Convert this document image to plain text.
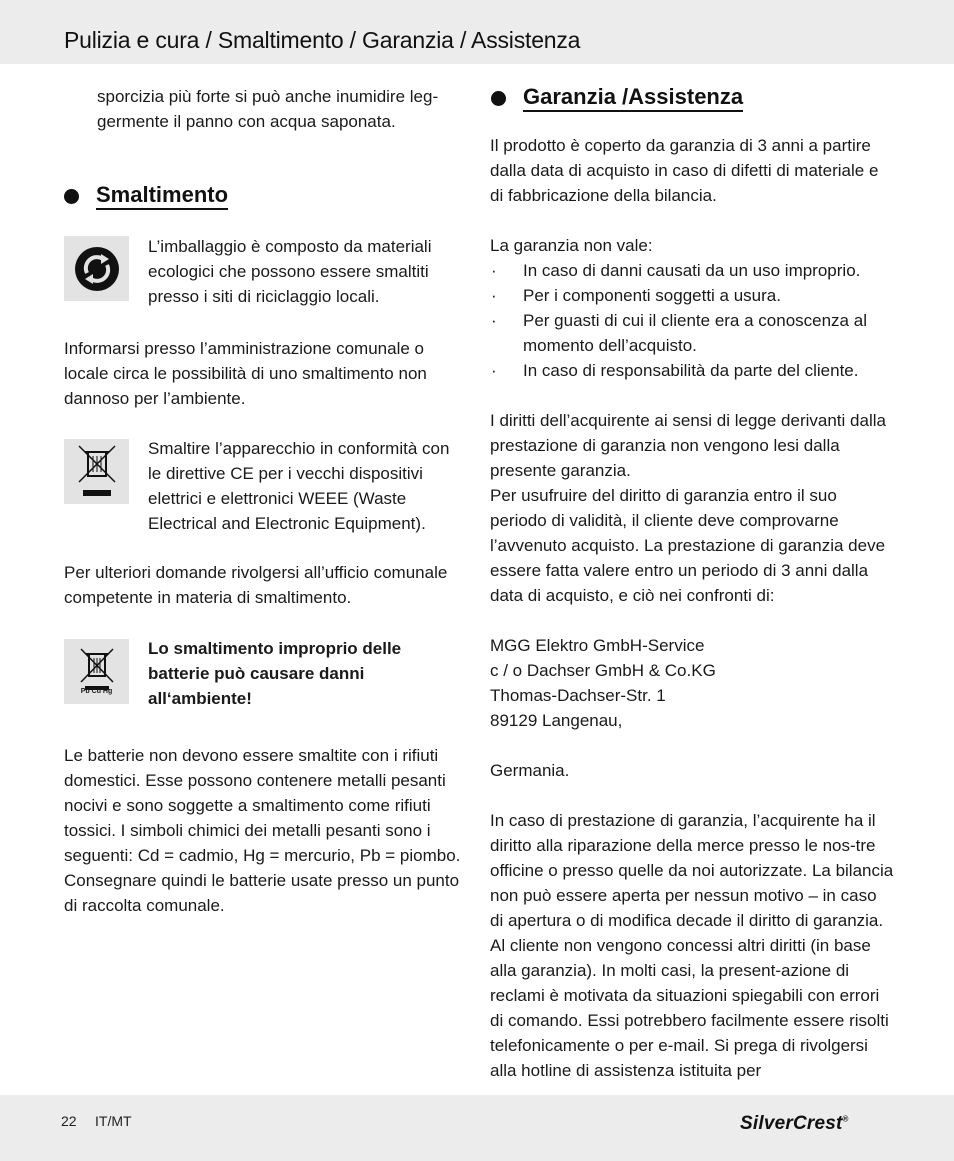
Pulizia e cura / Smaltimento / Garanzia / Assistenza

sporcizia più forte si può anche inumidire leg-germente il panno con acqua saponata.

Smaltimento

L’imballaggio è composto da materiali ecologici che possono essere smaltiti presso i siti di riciclaggio locali.

Informarsi presso l’amministrazione comunale o locale circa le possibilità di uno smaltimento non dannoso per l’ambiente.

Smaltire l’apparecchio in conformità con le direttive CE per i vecchi dispositivi elettrici e elettronici WEEE (Waste Electrical and Electronic Equipment).

Per ulteriori domande rivolgersi all’ufficio comunale competente in materia di smaltimento.

Pb Cd Hg

Lo smaltimento improprio delle batterie può causare danni all‘ambiente!

Le batterie non devono essere smaltite con i rifiuti domestici. Esse possono contenere metalli pesanti nocivi e sono soggette a smaltimento come rifiuti tossici. I simboli chimici dei metalli pesanti sono i seguenti: Cd = cadmio, Hg = mercurio, Pb = piombo. Consegnare quindi le batterie usate presso un punto di raccolta comunale.

Garanzia /Assistenza

Il prodotto è coperto da garanzia di 3 anni a partire dalla data di acquisto in caso di difetti di materiale e di fabbricazione della bilancia.

La garanzia non vale:

·	In caso di danni causati da un uso improprio.
·	Per i componenti soggetti a usura.
·	Per guasti di cui il cliente era a conoscenza al momento dell’acquisto.
·	In caso di responsabilità da parte del cliente.

I diritti dell’acquirente ai sensi di legge derivanti dalla prestazione di garanzia non vengono lesi dalla presente garanzia.

Per usufruire del diritto di garanzia entro il suo periodo di validità, il cliente deve comprovarne l’avvenuto acquisto. La prestazione di garanzia deve essere fatta valere entro un periodo di 3 anni dalla data di acquisto, e ciò nei confronti di:

MGG Elektro GmbH-Service

c / o Dachser GmbH & Co.KG

Thomas-Dachser-Str. 1

89129 Langenau,

Germania.

In caso di prestazione di garanzia, l’acquirente ha il diritto alla riparazione della merce presso le nos-tre officine o presso quelle da noi autorizzate. La bilancia non può essere aperta per nessun motivo – in caso di apertura o di modifica decade il diritto di garanzia. Al cliente non vengono concessi altri diritti (in base alla garanzia). In molti casi, la present-azione di reclami è motivata da situazioni spiegabili con errori di comando. Essi potrebbero facilmente essere risolti telefonicamente o per e-mail. Si prega di rivolgersi alla hotline di assistenza istituita per

22 IT/MT	SilverCrest®
